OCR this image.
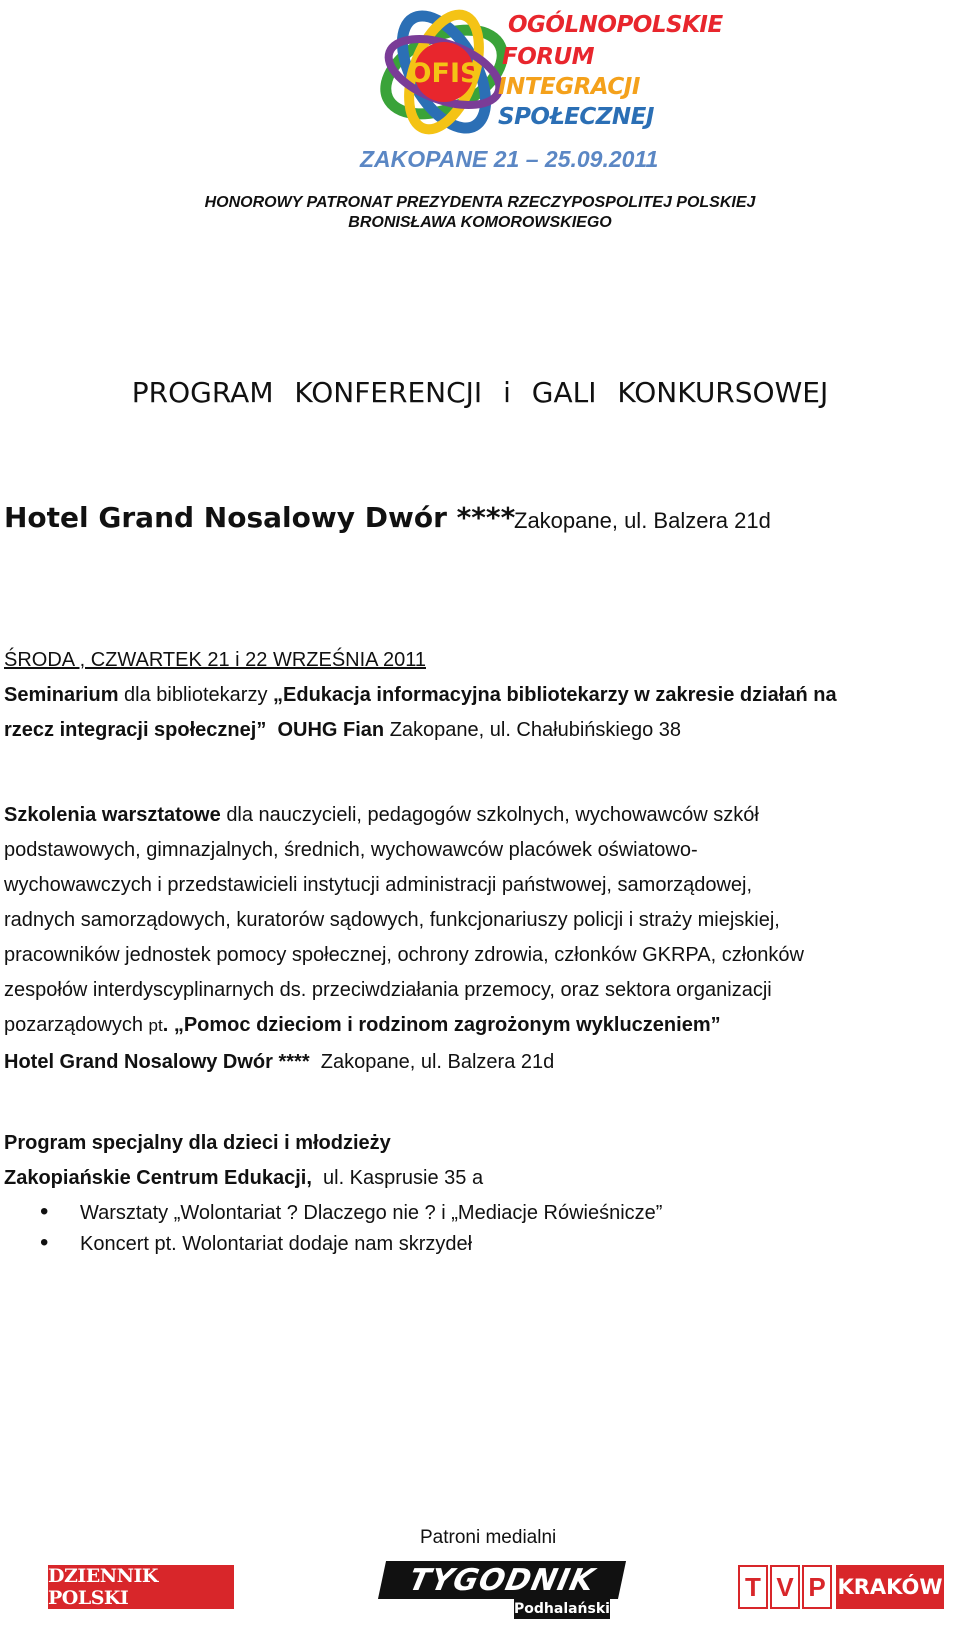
OFIS
OGÓLNOPOLSKIE
FORUM
INTEGRACJI
SPOŁECZNEJ
ZAKOPANE 21 – 25.09.2011
HONOROWY PATRONAT PREZYDENTA RZECZYPOSPOLITEJ POLSKIEJ
BRONISŁAWA KOMOROWSKIEGO
PROGRAM KONFERENCJI i GALI KONKURSOWEJ
Hotel Grand Nosalowy Dwór ****
Zakopane, ul. Balzera 21d
ŚRODA , CZWARTEK 21 i 22 WRZEŚNIA 2011
Seminarium dla bibliotekarzy „Edukacja informacyjna bibliotekarzy w zakresie działań na
rzecz integracji społecznej” OUHG Fian Zakopane, ul. Chałubińskiego 38
Szkolenia warsztatowe dla nauczycieli, pedagogów szkolnych, wychowawców szkół
podstawowych, gimnazjalnych, średnich, wychowawców placówek oświatowo-
wychowawczych i przedstawicieli instytucji administracji państwowej, samorządowej,
radnych samorządowych, kuratorów sądowych, funkcjonariuszy policji i straży miejskiej,
pracowników jednostek pomocy społecznej, ochrony zdrowia, członków GKRPA, członków
zespołów interdyscyplinarnych ds. przeciwdziałania przemocy, oraz sektora organizacji
pozarządowych pt. „Pomoc dzieciom i rodzinom zagrożonym wykluczeniem”
Hotel Grand Nosalowy Dwór **** Zakopane, ul. Balzera 21d
Program specjalny dla dzieci i młodzieży
Zakopiańskie Centrum Edukacji, ul. Kasprusie 35 a
• Warsztaty „Wolontariat ? Dlaczego nie ? i „Mediacje Rówieśnicze”
• Koncert pt. Wolontariat dodaje nam skrzydeł
Patroni medialni
DZIENNIK POLSKI
TYGODNIK
Podhalański
T V P KRAKÓW
